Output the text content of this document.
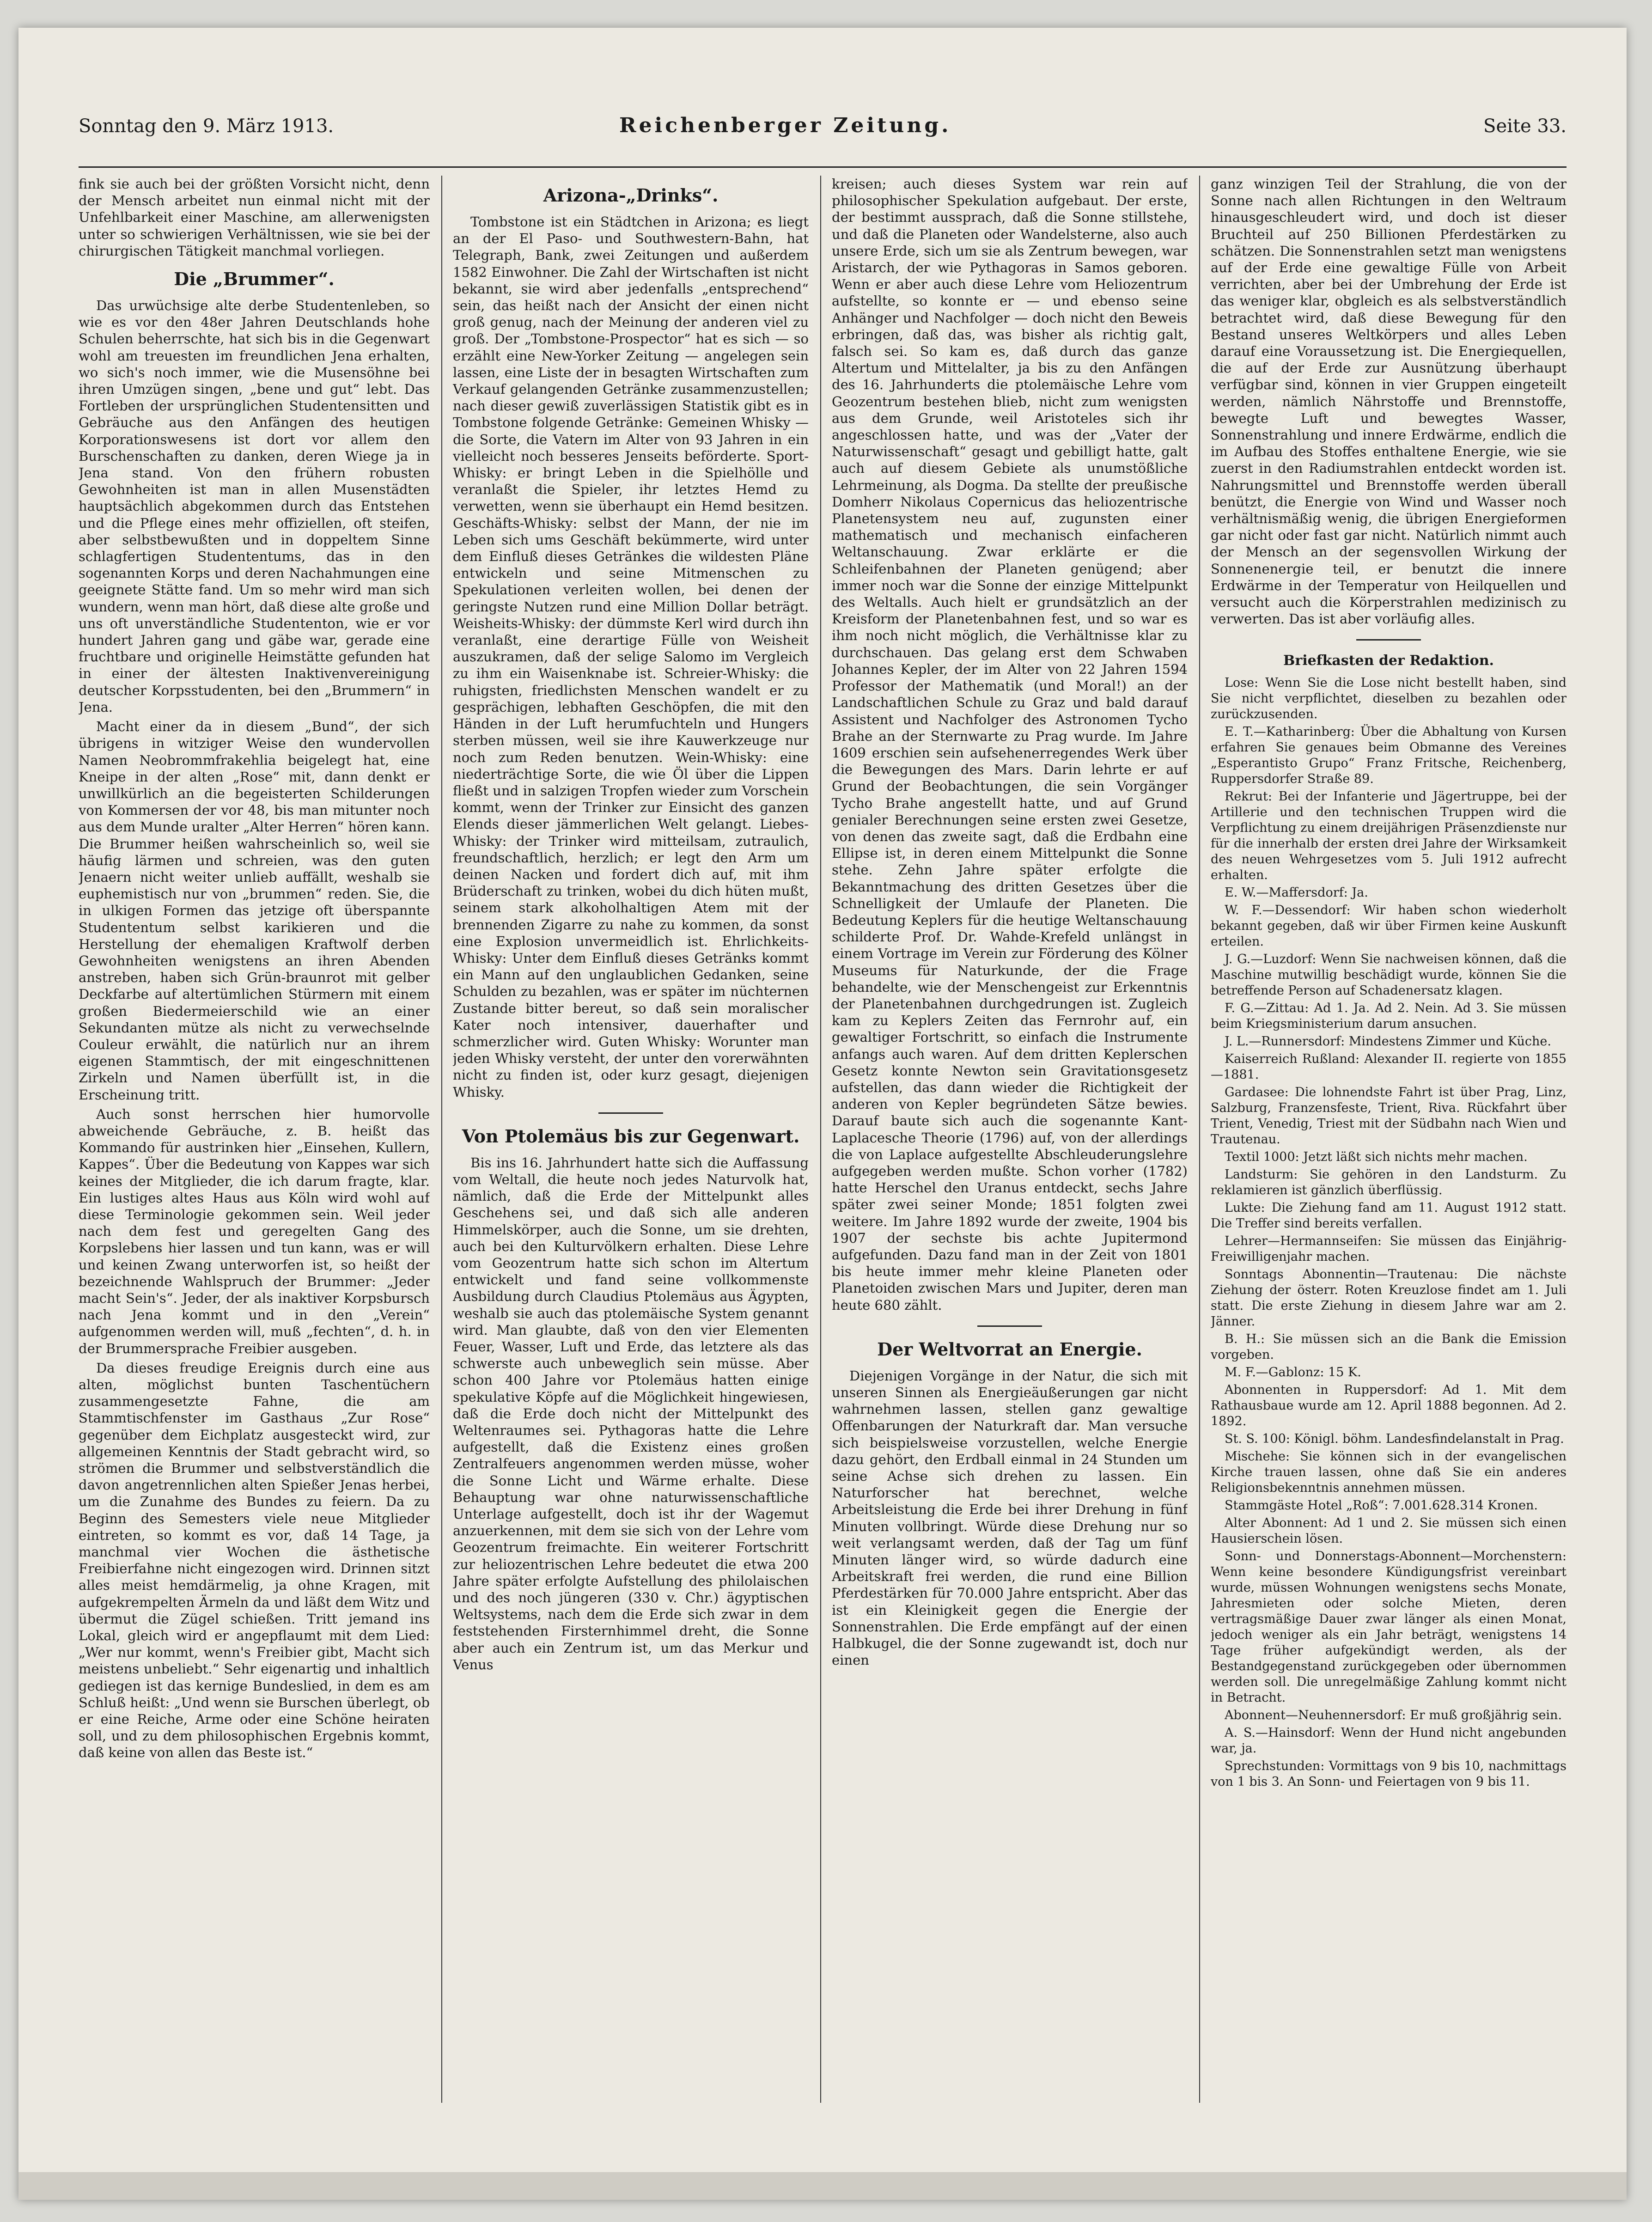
Sonntag den 9. März 1913.	Reichenberger Zeitung.	Seite 33.

fink sie auch bei der größten Vorsicht nicht, denn der Mensch arbeitet nun einmal nicht mit der Unfehlbarkeit einer Maschine, am allerwenigsten unter so schwierigen Verhältnissen, wie sie bei der chirurgischen Tätigkeit manchmal vorliegen.

Die „Brummer“.

Das urwüchsige alte derbe Studentenleben, so wie es vor den 48er Jahren Deutschlands hohe Schulen beherrschte, hat sich bis in die Gegenwart wohl am treuesten im freundlichen Jena erhalten, wo sich's noch immer, wie die Musensöhne bei ihren Umzügen singen, „bene und gut“ lebt. Das Fortleben der ursprünglichen Studentensitten und Gebräuche aus den Anfängen des heutigen Korporationswesens ist dort vor allem den Burschenschaften zu danken, deren Wiege ja in Jena stand. Von den frühern robusten Gewohnheiten ist man in allen Musenstädten hauptsächlich abgekommen durch das Entstehen und die Pflege eines mehr offiziellen, oft steifen, aber selbstbewußten und in doppeltem Sinne schlagfertigen Studententums, das in den sogenannten Korps und deren Nachahmungen eine geeignete Stätte fand. Um so mehr wird man sich wundern, wenn man hört, daß diese alte große und uns oft unverständliche Studententon, wie er vor hundert Jahren gang und gäbe war, gerade eine fruchtbare und originelle Heimstätte gefunden hat in einer der ältesten Inaktivenvereinigung deutscher Korpsstudenten, bei den „Brummern“ in Jena.

Macht einer da in diesem „Bund“, der sich übrigens in witziger Weise den wundervollen Namen Neobrommfrakehlia beigelegt hat, eine Kneipe in der alten „Rose“ mit, dann denkt er unwillkürlich an die begeisterten Schilderungen von Kommersen der vor 48, bis man mitunter noch aus dem Munde uralter „Alter Herren“ hören kann. Die Brummer heißen wahrscheinlich so, weil sie häufig lärmen und schreien, was den guten Jenaern nicht weiter unlieb auffällt, weshalb sie euphemistisch nur von „brummen“ reden. Sie, die in ulkigen Formen das jetzige oft überspannte Studententum selbst karikieren und die Herstellung der ehemaligen Kraftwolf derben Gewohnheiten wenigstens an ihren Abenden anstreben, haben sich Grün-braunrot mit gelber Deckfarbe auf altertümlichen Stürmern mit einem großen Biedermeierschild wie an einer Sekundanten mütze als nicht zu verwechselnde Couleur erwählt, die natürlich nur an ihrem eigenen Stammtisch, der mit eingeschnittenen Zirkeln und Namen überfüllt ist, in die Erscheinung tritt.

Auch sonst herrschen hier humorvolle abweichende Gebräuche, z. B. heißt das Kommando für austrinken hier „Einsehen, Kullern, Kappes“. Über die Bedeutung von Kappes war sich keines der Mitglieder, die ich darum fragte, klar. Ein lustiges altes Haus aus Köln wird wohl auf diese Terminologie gekommen sein. Weil jeder nach dem fest und geregelten Gang des Korpslebens hier lassen und tun kann, was er will und keinen Zwang unterworfen ist, so heißt der bezeichnende Wahlspruch der Brummer: „Jeder macht Sein's“. Jeder, der als inaktiver Korpsbursch nach Jena kommt und in den „Verein“ aufgenommen werden will, muß „fechten“, d. h. in der Brummersprache Freibier ausgeben.

Da dieses freudige Ereignis durch eine aus alten, möglichst bunten Taschentüchern zusammengesetzte Fahne, die am Stammtischfenster im Gasthaus „Zur Rose“ gegenüber dem Eichplatz ausgesteckt wird, zur allgemeinen Kenntnis der Stadt gebracht wird, so strömen die Brummer und selbstverständlich die davon angetrennlichen alten Spießer Jenas herbei, um die Zunahme des Bundes zu feiern. Da zu Beginn des Semesters viele neue Mitglieder eintreten, so kommt es vor, daß 14 Tage, ja manchmal vier Wochen die ästhetische Freibierfahne nicht eingezogen wird. Drinnen sitzt alles meist hemdärmelig, ja ohne Kragen, mit aufgekrempelten Ärmeln da und läßt dem Witz und übermut die Zügel schießen. Tritt jemand ins Lokal, gleich wird er angepflaumt mit dem Lied: „Wer nur kommt, wenn's Freibier gibt, Macht sich meistens unbeliebt.“ Sehr eigenartig und inhaltlich gediegen ist das kernige Bundeslied, in dem es am Schluß heißt: „Und wenn sie Burschen überlegt, ob er eine Reiche, Arme oder eine Schöne heiraten soll, und zu dem philosophischen Ergebnis kommt, daß keine von allen das Beste ist.“

Arizona-„Drinks“.

Tombstone ist ein Städtchen in Arizona; es liegt an der El Paso- und Southwestern-Bahn, hat Telegraph, Bank, zwei Zeitungen und außerdem 1582 Einwohner. Die Zahl der Wirtschaften ist nicht bekannt, sie wird aber jedenfalls „entsprechend“ sein, das heißt nach der Ansicht der einen nicht groß genug, nach der Meinung der anderen viel zu groß. Der „Tombstone-Prospector“ hat es sich — so erzählt eine New-Yorker Zeitung — angelegen sein lassen, eine Liste der in besagten Wirtschaften zum Verkauf gelangenden Getränke zusammenzustellen; nach dieser gewiß zuverlässigen Statistik gibt es in Tombstone folgende Getränke: Gemeinen Whisky — die Sorte, die Vatern im Alter von 93 Jahren in ein vielleicht noch besseres Jenseits beförderte. Sport-Whisky: er bringt Leben in die Spielhölle und veranlaßt die Spieler, ihr letztes Hemd zu verwetten, wenn sie überhaupt ein Hemd besitzen. Geschäfts-Whisky: selbst der Mann, der nie im Leben sich ums Geschäft bekümmerte, wird unter dem Einfluß dieses Getränkes die wildesten Pläne entwickeln und seine Mitmenschen zu Spekulationen verleiten wollen, bei denen der geringste Nutzen rund eine Million Dollar beträgt. Weisheits-Whisky: der dümmste Kerl wird durch ihn veranlaßt, eine derartige Fülle von Weisheit auszukramen, daß der selige Salomo im Vergleich zu ihm ein Waisenknabe ist. Schreier-Whisky: die ruhigsten, friedlichsten Menschen wandelt er zu gesprächigen, lebhaften Geschöpfen, die mit den Händen in der Luft herumfuchteln und Hungers sterben müssen, weil sie ihre Kauwerkzeuge nur noch zum Reden benutzen. Wein-Whisky: eine niederträchtige Sorte, die wie Öl über die Lippen fließt und in salzigen Tropfen wieder zum Vorschein kommt, wenn der Trinker zur Einsicht des ganzen Elends dieser jämmerlichen Welt gelangt. Liebes-Whisky: der Trinker wird mitteilsam, zutraulich, freundschaftlich, herzlich; er legt den Arm um deinen Nacken und fordert dich auf, mit ihm Brüderschaft zu trinken, wobei du dich hüten mußt, seinem stark alkoholhaltigen Atem mit der brennenden Zigarre zu nahe zu kommen, da sonst eine Explosion unvermeidlich ist. Ehrlichkeits-Whisky: Unter dem Einfluß dieses Getränks kommt ein Mann auf den unglaublichen Gedanken, seine Schulden zu bezahlen, was er später im nüchternen Zustande bitter bereut, so daß sein moralischer Kater noch intensiver, dauerhafter und schmerzlicher wird. Guten Whisky: Worunter man jeden Whisky versteht, der unter den vorerwähnten nicht zu finden ist, oder kurz gesagt, diejenigen Whisky.

Von Ptolemäus bis zur Gegenwart.

Bis ins 16. Jahrhundert hatte sich die Auffassung vom Weltall, die heute noch jedes Naturvolk hat, nämlich, daß die Erde der Mittelpunkt alles Geschehens sei, und daß sich alle anderen Himmelskörper, auch die Sonne, um sie drehten, auch bei den Kulturvölkern erhalten. Diese Lehre vom Geozentrum hatte sich schon im Altertum entwickelt und fand seine vollkommenste Ausbildung durch Claudius Ptolemäus aus Ägypten, weshalb sie auch das ptolemäische System genannt wird. Man glaubte, daß von den vier Elementen Feuer, Wasser, Luft und Erde, das letztere als das schwerste auch unbeweglich sein müsse. Aber schon 400 Jahre vor Ptolemäus hatten einige spekulative Köpfe auf die Möglichkeit hingewiesen, daß die Erde doch nicht der Mittelpunkt des Weltenraumes sei. Pythagoras hatte die Lehre aufgestellt, daß die Existenz eines großen Zentralfeuers angenommen werden müsse, woher die Sonne Licht und Wärme erhalte. Diese Behauptung war ohne naturwissenschaftliche Unterlage aufgestellt, doch ist ihr der Wagemut anzuerkennen, mit dem sie sich von der Lehre vom Geozentrum freimachte. Ein weiterer Fortschritt zur heliozentrischen Lehre bedeutet die etwa 200 Jahre später erfolgte Aufstellung des philolaischen und des noch jüngeren (330 v. Chr.) ägyptischen Weltsystems, nach dem die Erde sich zwar in dem feststehenden Firsternhimmel dreht, die Sonne aber auch ein Zentrum ist, um das Merkur und Venus

kreisen; auch dieses System war rein auf philosophischer Spekulation aufgebaut. Der erste, der bestimmt aussprach, daß die Sonne stillstehe, und daß die Planeten oder Wandelsterne, also auch unsere Erde, sich um sie als Zentrum bewegen, war Aristarch, der wie Pythagoras in Samos geboren. Wenn er aber auch diese Lehre vom Heliozentrum aufstellte, so konnte er — und ebenso seine Anhänger und Nachfolger — doch nicht den Beweis erbringen, daß das, was bisher als richtig galt, falsch sei. So kam es, daß durch das ganze Altertum und Mittelalter, ja bis zu den Anfängen des 16. Jahrhunderts die ptolemäische Lehre vom Geozentrum bestehen blieb, nicht zum wenigsten aus dem Grunde, weil Aristoteles sich ihr angeschlossen hatte, und was der „Vater der Naturwissenschaft“ gesagt und gebilligt hatte, galt auch auf diesem Gebiete als unumstößliche Lehrmeinung, als Dogma. Da stellte der preußische Domherr Nikolaus Copernicus das heliozentrische Planetensystem neu auf, zugunsten einer mathematisch und mechanisch einfacheren Weltanschauung. Zwar erklärte er die Schleifenbahnen der Planeten genügend; aber immer noch war die Sonne der einzige Mittelpunkt des Weltalls. Auch hielt er grundsätzlich an der Kreisform der Planetenbahnen fest, und so war es ihm noch nicht möglich, die Verhältnisse klar zu durchschauen. Das gelang erst dem Schwaben Johannes Kepler, der im Alter von 22 Jahren 1594 Professor der Mathematik (und Moral!) an der Landschaftlichen Schule zu Graz und bald darauf Assistent und Nachfolger des Astronomen Tycho Brahe an der Sternwarte zu Prag wurde. Im Jahre 1609 erschien sein aufsehenerregendes Werk über die Bewegungen des Mars. Darin lehrte er auf Grund der Beobachtungen, die sein Vorgänger Tycho Brahe angestellt hatte, und auf Grund genialer Berechnungen seine ersten zwei Gesetze, von denen das zweite sagt, daß die Erdbahn eine Ellipse ist, in deren einem Mittelpunkt die Sonne stehe. Zehn Jahre später erfolgte die Bekanntmachung des dritten Gesetzes über die Schnelligkeit der Umlaufe der Planeten. Die Bedeutung Keplers für die heutige Weltanschauung schilderte Prof. Dr. Wahde-Krefeld unlängst in einem Vortrage im Verein zur Förderung des Kölner Museums für Naturkunde, der die Frage behandelte, wie der Menschengeist zur Erkenntnis der Planetenbahnen durchgedrungen ist. Zugleich kam zu Keplers Zeiten das Fernrohr auf, ein gewaltiger Fortschritt, so einfach die Instrumente anfangs auch waren. Auf dem dritten Keplerschen Gesetz konnte Newton sein Gravitationsgesetz aufstellen, das dann wieder die Richtigkeit der anderen von Kepler begründeten Sätze bewies. Darauf baute sich auch die sogenannte Kant-Laplacesche Theorie (1796) auf, von der allerdings die von Laplace aufgestellte Abschleuderungslehre aufgegeben werden mußte. Schon vorher (1782) hatte Herschel den Uranus entdeckt, sechs Jahre später zwei seiner Monde; 1851 folgten zwei weitere. Im Jahre 1892 wurde der zweite, 1904 bis 1907 der sechste bis achte Jupitermond aufgefunden. Dazu fand man in der Zeit von 1801 bis heute immer mehr kleine Planeten oder Planetoiden zwischen Mars und Jupiter, deren man heute 680 zählt.

Der Weltvorrat an Energie.

Diejenigen Vorgänge in der Natur, die sich mit unseren Sinnen als Energieäußerungen gar nicht wahrnehmen lassen, stellen ganz gewaltige Offenbarungen der Naturkraft dar. Man versuche sich beispielsweise vorzustellen, welche Energie dazu gehört, den Erdball einmal in 24 Stunden um seine Achse sich drehen zu lassen. Ein Naturforscher hat berechnet, welche Arbeitsleistung die Erde bei ihrer Drehung in fünf Minuten vollbringt. Würde diese Drehung nur so weit verlangsamt werden, daß der Tag um fünf Minuten länger wird, so würde dadurch eine Arbeitskraft frei werden, die rund eine Billion Pferdestärken für 70.000 Jahre entspricht. Aber das ist ein Kleinigkeit gegen die Energie der Sonnenstrahlen. Die Erde empfängt auf der einen Halbkugel, die der Sonne zugewandt ist, doch nur einen

ganz winzigen Teil der Strahlung, die von der Sonne nach allen Richtungen in den Weltraum hinausgeschleudert wird, und doch ist dieser Bruchteil auf 250 Billionen Pferdestärken zu schätzen. Die Sonnenstrahlen setzt man wenigstens auf der Erde eine gewaltige Fülle von Arbeit verrichten, aber bei der Umbrehung der Erde ist das weniger klar, obgleich es als selbstverständlich betrachtet wird, daß diese Bewegung für den Bestand unseres Weltkörpers und alles Leben darauf eine Voraussetzung ist. Die Energiequellen, die auf der Erde zur Ausnützung überhaupt verfügbar sind, können in vier Gruppen eingeteilt werden, nämlich Nährstoffe und Brennstoffe, bewegte Luft und bewegtes Wasser, Sonnenstrahlung und innere Erdwärme, endlich die im Aufbau des Stoffes enthaltene Energie, wie sie zuerst in den Radiumstrahlen entdeckt worden ist. Nahrungsmittel und Brennstoffe werden überall benützt, die Energie von Wind und Wasser noch verhältnismäßig wenig, die übrigen Energieformen gar nicht oder fast gar nicht. Natürlich nimmt auch der Mensch an der segensvollen Wirkung der Sonnenenergie teil, er benutzt die innere Erdwärme in der Temperatur von Heilquellen und versucht auch die Körperstrahlen medizinisch zu verwerten. Das ist aber vorläufig alles.

Briefkasten der Redaktion.

Lose: Wenn Sie die Lose nicht bestellt haben, sind Sie nicht verpflichtet, dieselben zu bezahlen oder zurückzusenden.

E. T.—Katharinberg: Über die Abhaltung von Kursen erfahren Sie genaues beim Obmanne des Vereines „Esperantisto Grupo“ Franz Fritsche, Reichenberg, Ruppersdorfer Straße 89.

Rekrut: Bei der Infanterie und Jägertruppe, bei der Artillerie und den technischen Truppen wird die Verpflichtung zu einem dreijährigen Präsenzdienste nur für die innerhalb der ersten drei Jahre der Wirksamkeit des neuen Wehrgesetzes vom 5. Juli 1912 aufrecht erhalten.

E. W.—Maffersdorf: Ja.

W. F.—Dessendorf: Wir haben schon wiederholt bekannt gegeben, daß wir über Firmen keine Auskunft erteilen.

J. G.—Luzdorf: Wenn Sie nachweisen können, daß die Maschine mutwillig beschädigt wurde, können Sie die betreffende Person auf Schadenersatz klagen.

F. G.—Zittau: Ad 1. Ja. Ad 2. Nein. Ad 3. Sie müssen beim Kriegsministerium darum ansuchen.

J. L.—Runnersdorf: Mindestens Zimmer und Küche.

Kaiserreich Rußland: Alexander II. regierte von 1855—1881.

Gardasee: Die lohnendste Fahrt ist über Prag, Linz, Salzburg, Franzensfeste, Trient, Riva. Rückfahrt über Trient, Venedig, Triest mit der Südbahn nach Wien und Trautenau.

Textil 1000: Jetzt läßt sich nichts mehr machen.

Landsturm: Sie gehören in den Landsturm. Zu reklamieren ist gänzlich überflüssig.

Lukte: Die Ziehung fand am 11. August 1912 statt. Die Treffer sind bereits verfallen.

Lehrer—Hermannseifen: Sie müssen das Einjährig-Freiwilligenjahr machen.

Sonntags Abonnentin—Trautenau: Die nächste Ziehung der österr. Roten Kreuzlose findet am 1. Juli statt. Die erste Ziehung in diesem Jahre war am 2. Jänner.

B. H.: Sie müssen sich an die Bank die Emission vorgeben.

M. F.—Gablonz: 15 K.

Abonnenten in Ruppersdorf: Ad 1. Mit dem Rathausbaue wurde am 12. April 1888 begonnen. Ad 2. 1892.

St. S. 100: Königl. böhm. Landesfindelanstalt in Prag.

Mischehe: Sie können sich in der evangelischen Kirche trauen lassen, ohne daß Sie ein anderes Religionsbekenntnis annehmen müssen.

Stammgäste Hotel „Roß“: 7.001.628.314 Kronen.

Alter Abonnent: Ad 1 und 2. Sie müssen sich einen Hausierschein lösen.

Sonn- und Donnerstags-Abonnent—Morchenstern: Wenn keine besondere Kündigungsfrist vereinbart wurde, müssen Wohnungen wenigstens sechs Monate, Jahresmieten oder solche Mieten, deren vertragsmäßige Dauer zwar länger als einen Monat, jedoch weniger als ein Jahr beträgt, wenigstens 14 Tage früher aufgekündigt werden, als der Bestandgegenstand zurückgegeben oder übernommen werden soll. Die unregelmäßige Zahlung kommt nicht in Betracht.

Abonnent—Neuhennersdorf: Er muß großjährig sein.

A. S.—Hainsdorf: Wenn der Hund nicht angebunden war, ja.

Sprechstunden: Vormittags von 9 bis 10, nachmittags von 1 bis 3. An Sonn- und Feiertagen von 9 bis 11.
